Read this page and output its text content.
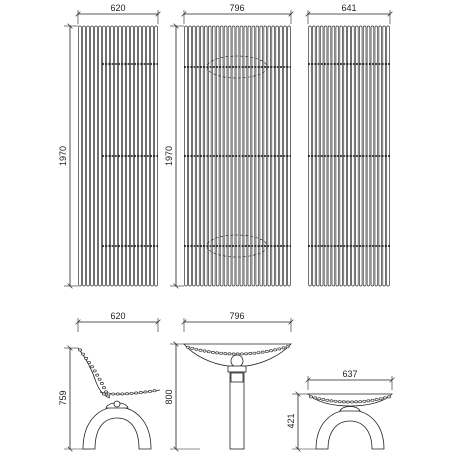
620
1970
796
1970
641
620
759
796
800
637
421
